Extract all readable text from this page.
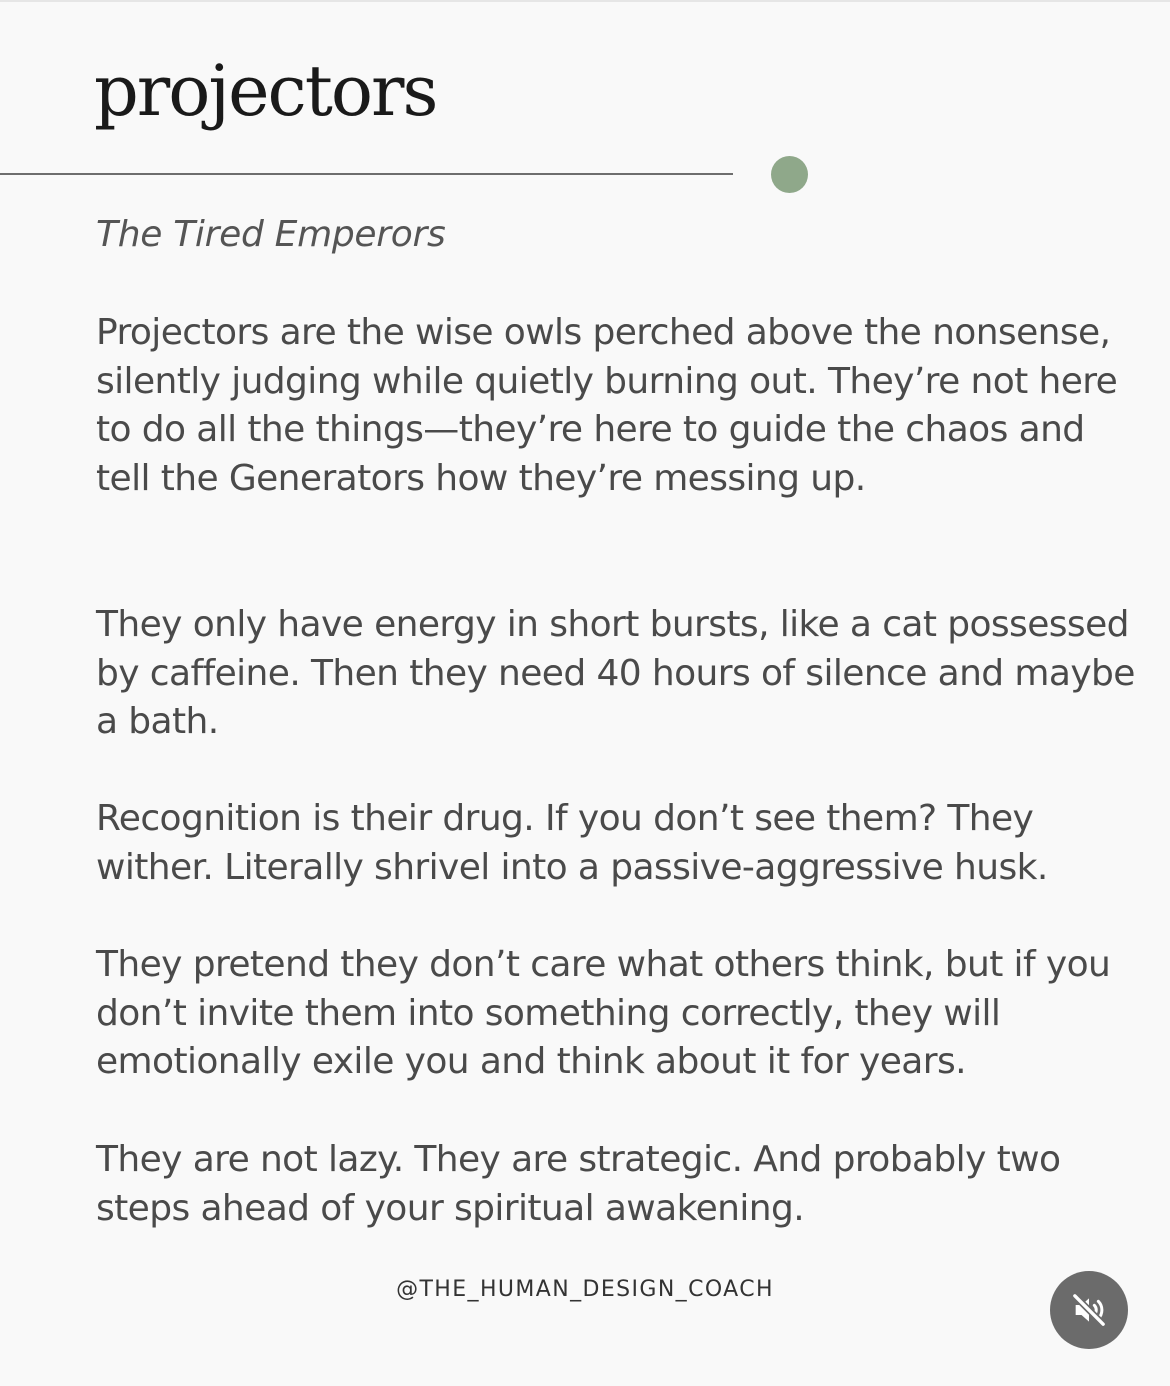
projectors

The Tired Emperors

Projectors are the wise owls perched above the nonsense, silently judging while quietly burning out. They’re not here to do all the things—they’re here to guide the chaos and tell the Generators how they’re messing up.

They only have energy in short bursts, like a cat possessed by caffeine. Then they need 40 hours of silence and maybe a bath.

Recognition is their drug. If you don’t see them? They wither. Literally shrivel into a passive-aggressive husk.

They pretend they don’t care what others think, but if you don’t invite them into something correctly, they will emotionally exile you and think about it for years.

They are not lazy. They are strategic. And probably two steps ahead of your spiritual awakening.

@THE_HUMAN_DESIGN_COACH
